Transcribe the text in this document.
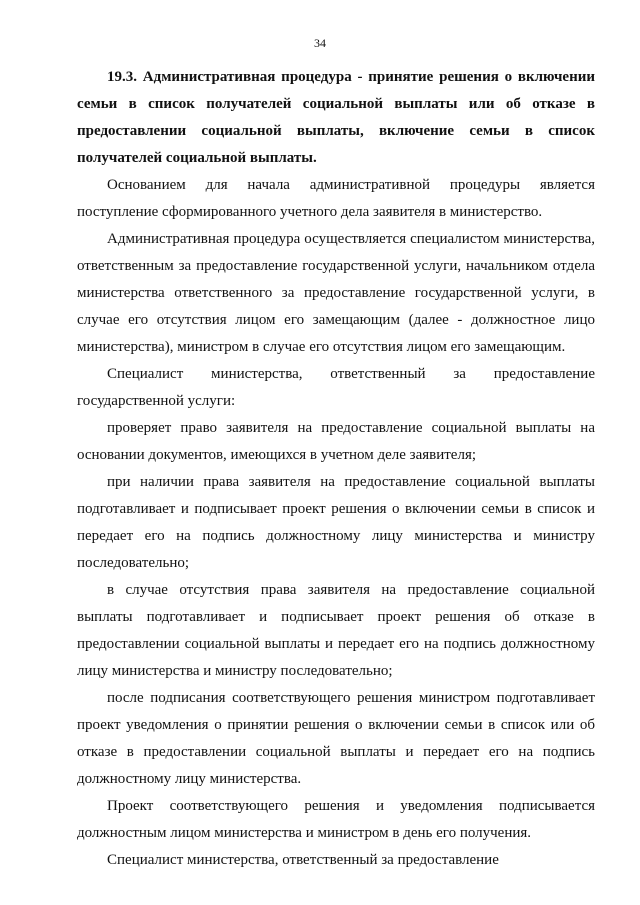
34

19.3. Административная процедура - принятие решения о включении семьи в список получателей социальной выплаты или об отказе в предоставлении социальной выплаты, включение семьи в список получателей социальной выплаты.

Основанием для начала административной процедуры является поступление сформированного учетного дела заявителя в министерство.

Административная процедура осуществляется специалистом министерства, ответственным за предоставление государственной услуги, начальником отдела министерства ответственного за предоставление государственной услуги, в случае его отсутствия лицом его замещающим (далее - должностное лицо министерства), министром в случае его отсутствия лицом его замещающим.

Специалист министерства, ответственный за предоставление государственной услуги:

проверяет право заявителя на предоставление социальной выплаты на основании документов, имеющихся в учетном деле заявителя;

при наличии права заявителя на предоставление социальной выплаты подготавливает и подписывает проект решения о включении семьи в список и передает его на подпись должностному лицу министерства и министру последовательно;

в случае отсутствия права заявителя на предоставление социальной выплаты подготавливает и подписывает проект решения об отказе в предоставлении социальной выплаты и передает его на подпись должностному лицу министерства и министру последовательно;

после подписания соответствующего решения министром подготавливает проект уведомления о принятии решения о включении семьи в список или об отказе в предоставлении социальной выплаты и передает его на подпись должностному лицу министерства.

Проект соответствующего решения и уведомления подписывается должностным лицом министерства и министром в день его получения.

Специалист министерства, ответственный за предоставление
